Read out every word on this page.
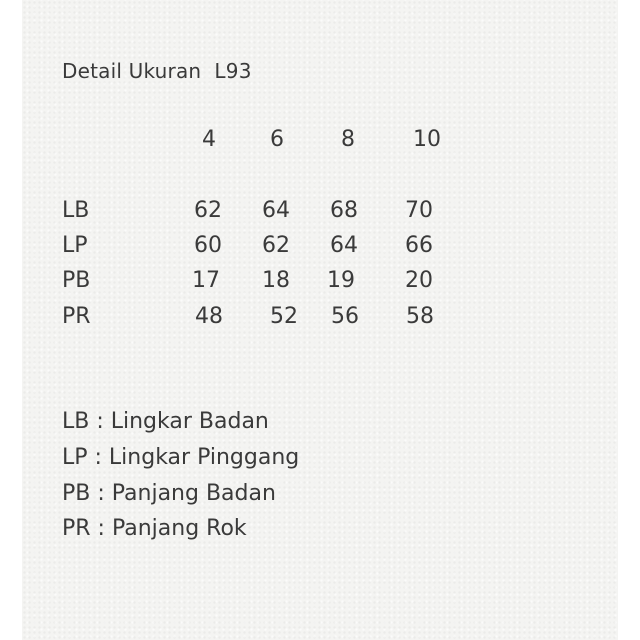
Detail Ukuran  L93
4 6	8	10
LB	62 64 68 70
LP	60 62 64 66
PB	17 18 19 20
PR	48 52 56 58
LB : Lingkar Badan
LP : Lingkar Pinggang
PB : Panjang Badan
PR : Panjang Rok
